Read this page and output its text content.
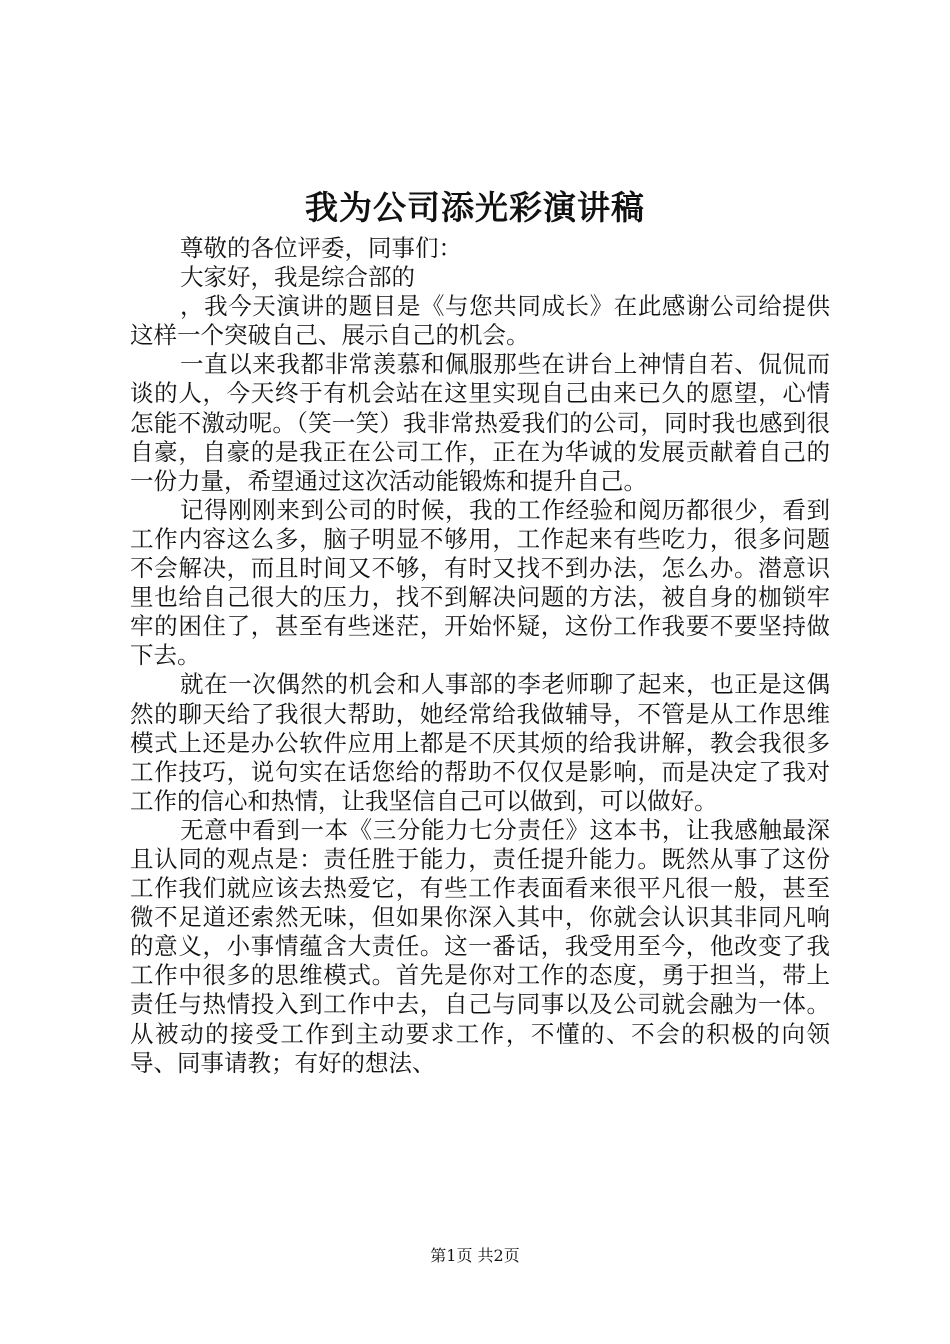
我为公司添光彩演讲稿

尊敬的各位评委，同事们：

大家好，我是综合部的

，我今天演讲的题目是《与您共同成长》在此感谢公司给提供这样一个突破自己、展示自己的机会。

一直以来我都非常羡慕和佩服那些在讲台上神情自若、侃侃而谈的人，今天终于有机会站在这里实现自己由来已久的愿望，心情怎能不激动呢。（笑一笑）我非常热爱我们的公司，同时我也感到很自豪，自豪的是我正在公司工作，正在为华诚的发展贡献着自己的一份力量，希望通过这次活动能锻炼和提升自己。

记得刚刚来到公司的时候，我的工作经验和阅历都很少，看到工作内容这么多，脑子明显不够用，工作起来有些吃力，很多问题不会解决，而且时间又不够，有时又找不到办法，怎么办。潜意识里也给自己很大的压力，找不到解决问题的方法，被自身的枷锁牢牢的困住了，甚至有些迷茫，开始怀疑，这份工作我要不要坚持做下去。

就在一次偶然的机会和人事部的李老师聊了起来，也正是这偶然的聊天给了我很大帮助，她经常给我做辅导，不管是从工作思维模式上还是办公软件应用上都是不厌其烦的给我讲解，教会我很多工作技巧，说句实在话您给的帮助不仅仅是影响，而是决定了我对工作的信心和热情，让我坚信自己可以做到，可以做好。

无意中看到一本《三分能力七分责任》这本书，让我感触最深且认同的观点是：责任胜于能力，责任提升能力。既然从事了这份工作我们就应该去热爱它，有些工作表面看来很平凡很一般，甚至微不足道还索然无味，但如果你深入其中，你就会认识其非同凡响的意义，小事情蕴含大责任。这一番话，我受用至今，他改变了我工作中很多的思维模式。首先是你对工作的态度，勇于担当，带上责任与热情投入到工作中去，自己与同事以及公司就会融为一体。从被动的接受工作到主动要求工作，不懂的、不会的积极的向领导、同事请教；有好的想法、

第1页 共2页
